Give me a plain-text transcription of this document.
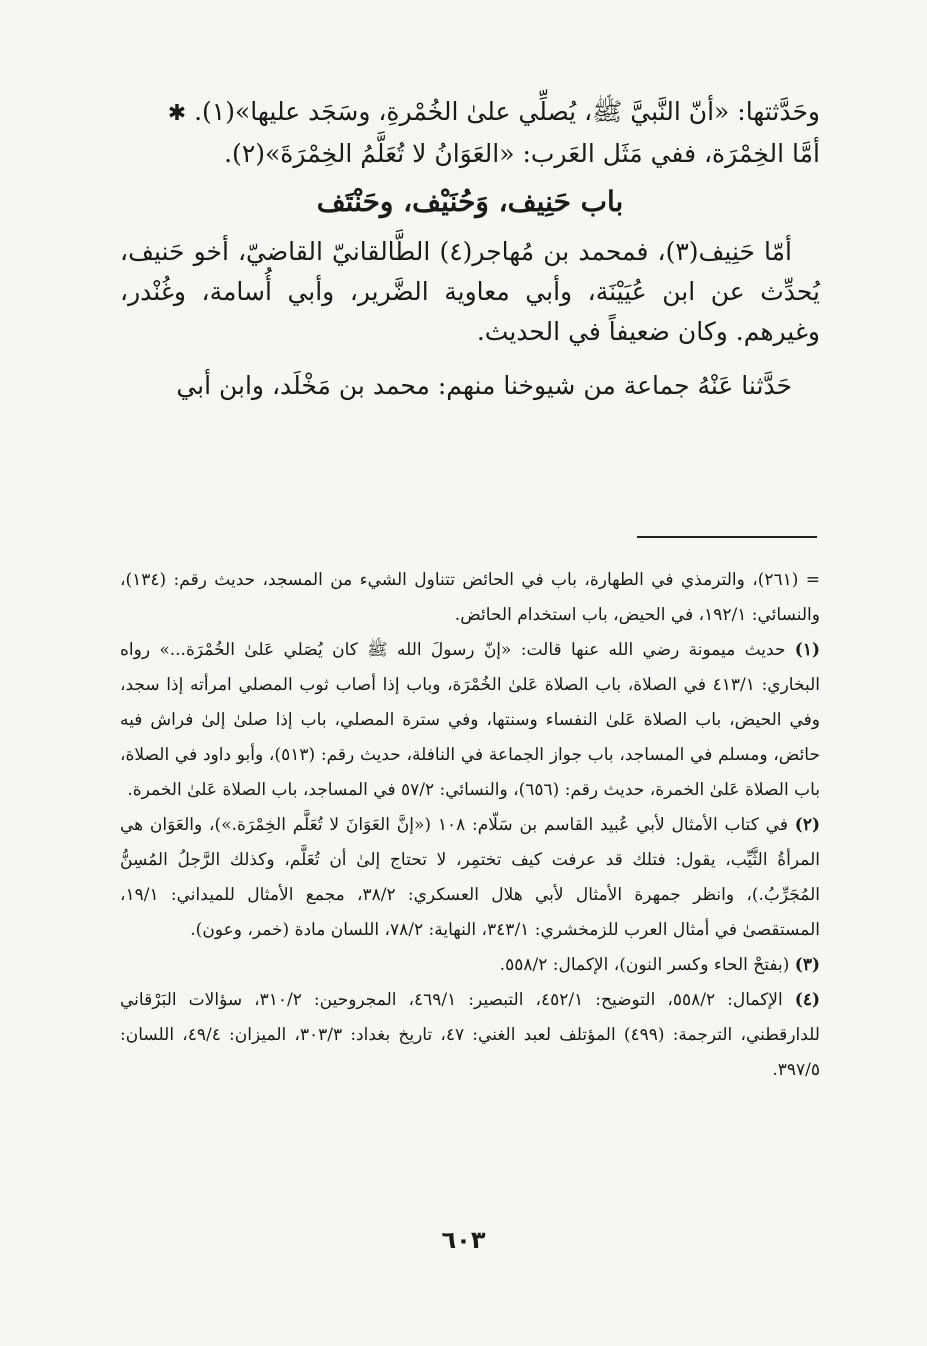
وحَدَّثتها: «أنّ النَّبيَّ ﷺ، يُصلِّي علىٰ الخُمْرةِ، وسَجَد عليها»(١). ✱

أمَّا الخِمْرَة، ففي مَثَل العَرب: «العَوَانُ لا تُعَلَّمُ الخِمْرَةَ»(٢).

باب حَنِيف، وَحُنَيْف، وحَنْتَف

أمّا حَنِيف(٣)، فمحمد بن مُهاجر(٤) الطَّالقانيّ القاضيّ، أخو حَنيف، يُحدِّث عن ابن عُيَيْنَة، وأبي معاوية الضَّرير، وأبي أُسامة، وغُنْدر، وغيرهم. وكان ضعيفاً في الحديث.

حَدَّثنا عَنْهُ جماعة من شيوخنا منهم: محمد بن مَخْلَد، وابن أبي

= (٢٦١)، والترمذي في الطهارة، باب في الحائض تتناول الشيء من المسجد، حديث رقم: (١٣٤)، والنسائي: ١٩٢/١، في الحيض، باب استخدام الحائض.

(١) حديث ميمونة رضي الله عنها قالت: «إنّ رسولَ الله ﷺ كان يُصَلي عَلىٰ الخُمْرَة...» رواه البخاري: ٤١٣/١ في الصلاة، باب الصلاة عَلىٰ الخُمْرَة، وباب إذا أصاب ثوب المصلي امرأته إذا سجد، وفي الحيض، باب الصلاة عَلىٰ النفساء وسنتها، وفي سترة المصلي، باب إذا صلىٰ إلىٰ فراش فيه حائض، ومسلم في المساجد، باب جواز الجماعة في النافلة، حديث رقم: (٥١٣)، وأبو داود في الصلاة، باب الصلاة عَلىٰ الخمرة، حديث رقم: (٦٥٦)، والنسائي: ٥٧/٢ في المساجد، باب الصلاة عَلىٰ الخمرة.

(٢) في كتاب الأمثال لأبي عُبيد القاسم بن سَلّام: ١٠٨ («إنَّ العَوَانَ لا تُعَلَّم الخِمْرَة.»)، والعَوَان هي المرأةُ الثَّيِّب، يقول: فتلك قد عرفت كيف تختمِر، لا تحتاج إلىٰ أن تُعَلَّم، وكذلك الرَّجلُ المُسِنُّ المُجَرِّبُ.)، وانظر جمهرة الأمثال لأبي هلال العسكري: ٣٨/٢، مجمع الأمثال للميداني: ١٩/١، المستقصىٰ في أمثال العرب للزمخشري: ٣٤٣/١، النهاية: ٧٨/٢، اللسان مادة (خمر، وعون).

(٣) (بفتحْ الحاء وكسر النون)، الإكمال: ٥٥٨/٢.

(٤) الإكمال: ٥٥٨/٢، التوضيح: ٤٥٢/١، التبصير: ٤٦٩/١، المجروحين: ٣١٠/٢، سؤالات البَرْقاني للدارقطني، الترجمة: (٤٩٩) المؤتلف لعبد الغني: ٤٧، تاريخ بغداد: ٣٠٣/٣، الميزان: ٤٩/٤، اللسان: ٣٩٧/٥.

٦٠٣
